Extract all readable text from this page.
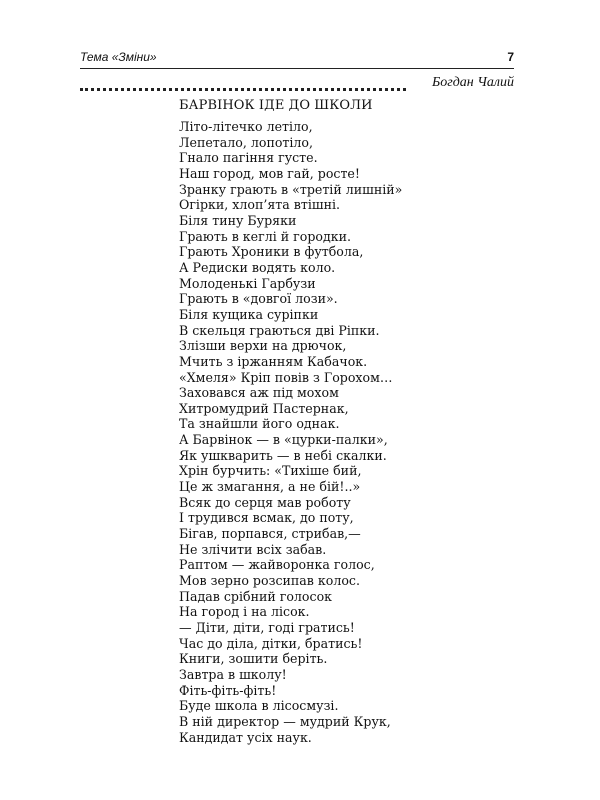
Тема «Зміни»	7
Богдан Чалий
БАРВІНОК ІДЕ ДО ШКОЛИ
Літо-літечко летіло,
Лепетало, лопотіло,
Гнало пагіння густе.
Наш город, мов гай, росте!
Зранку грають в «третій лишній»
Огірки, хлоп’ята втішні.
Біля тину Буряки
Грають в кеглі й городки.
Грають Хроники в футбола,
А Редиски водять коло.
Молоденькі Гарбузи
Грають в «довгої лози».
Біля кущика суріпки
В скельця граються дві Ріпки.
Злізши верхи на дрючок,
Мчить з іржанням Кабачок.
«Хмеля» Кріп повів з Горохом…
Заховався аж під мохом
Хитромудрий Пастернак,
Та знайшли його однак.
А Барвінок — в «цурки-палки»,
Як ушкварить — в небі скалки.
Хрін бурчить: «Тихіше бий,
Це ж змагання, а не бій!..»
Всяк до серця мав роботу
І трудився всмак, до поту,
Бігав, порпався, стрибав,—
Не злічити всіх забав.
Раптом — жайворонка голос,
Мов зерно розсипав колос.
Падав срібний голосок
На город і на лісок.
— Діти, діти, годі гратись!
Час до діла, дітки, братись!
Книги, зошити беріть.
Завтра в школу!
Фіть-фіть-фіть!
Буде школа в лісосмузі.
В ній директор — мудрий Крук,
Кандидат усіх наук.
